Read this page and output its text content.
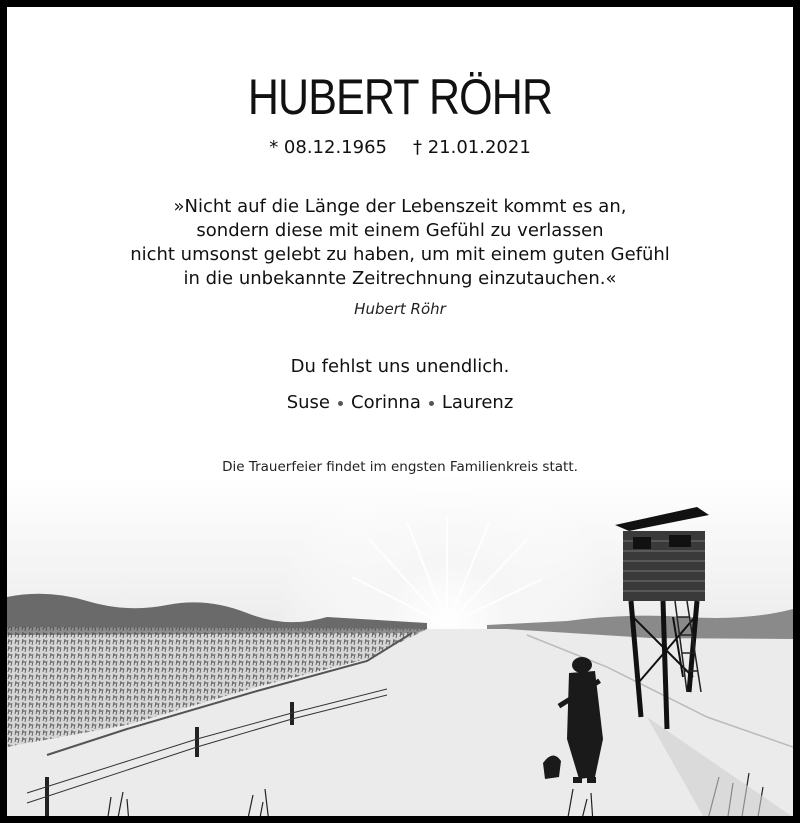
HUBERT RÖHR
* 08.12.1965 † 21.01.2021
»Nicht auf die Länge der Lebenszeit kommt es an,
sondern diese mit einem Gefühl zu verlassen
nicht umsonst gelebt zu haben, um mit einem guten Gefühl
in die unbekannte Zeitrechnung einzutauchen.«
Hubert Röhr
Du fehlst uns unendlich.
Suse Corinna Laurenz
Die Trauerfeier findet im engsten Familienkreis statt.
